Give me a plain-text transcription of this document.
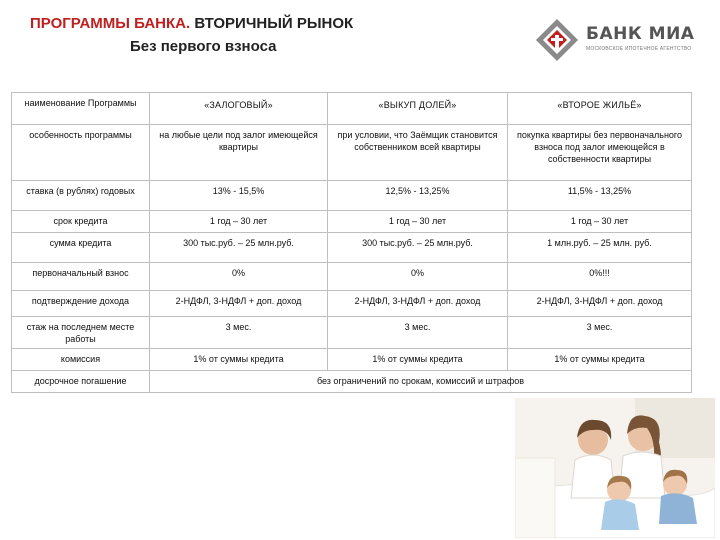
ПРОГРАММЫ БАНКА. ВТОРИЧНЫЙ РЫНОК
Без первого взноса
БАНК МИА
МОСКОВСКОЕ ИПОТЕЧНОЕ АГЕНТСТВО
наименование Программы	«ЗАЛОГОВЫЙ»	«ВЫКУП ДОЛЕЙ»	«ВТОРОЕ ЖИЛЬЁ»
особенность программы	на любые цели под залог имеющейся квартиры	при условии, что Заёмщик становится собственником всей квартиры	покупка квартиры без первоначального взноса под залог имеющейся в собственности квартиры
ставка (в рублях) годовых	13% - 15,5%	12,5% - 13,25%	11,5% - 13,25%
срок кредита	1 год – 30 лет	1 год – 30 лет	1 год – 30 лет
сумма кредита	300 тыс.руб. – 25 млн.руб.	300 тыс.руб. – 25 млн.руб.	1 млн.руб. – 25 млн. руб.
первоначальный взнос	0%	0%	0%!!!
подтверждение дохода	2-НДФЛ, 3-НДФЛ + доп. доход	2-НДФЛ, 3-НДФЛ + доп. доход	2-НДФЛ, 3-НДФЛ + доп. доход
стаж на последнем месте работы	3 мес.	3 мес.	3 мес.
комиссия	1% от суммы кредита	1% от суммы кредита	1% от суммы кредита
досрочное погашение	без ограничений по срокам, комиссий и штрафов		
